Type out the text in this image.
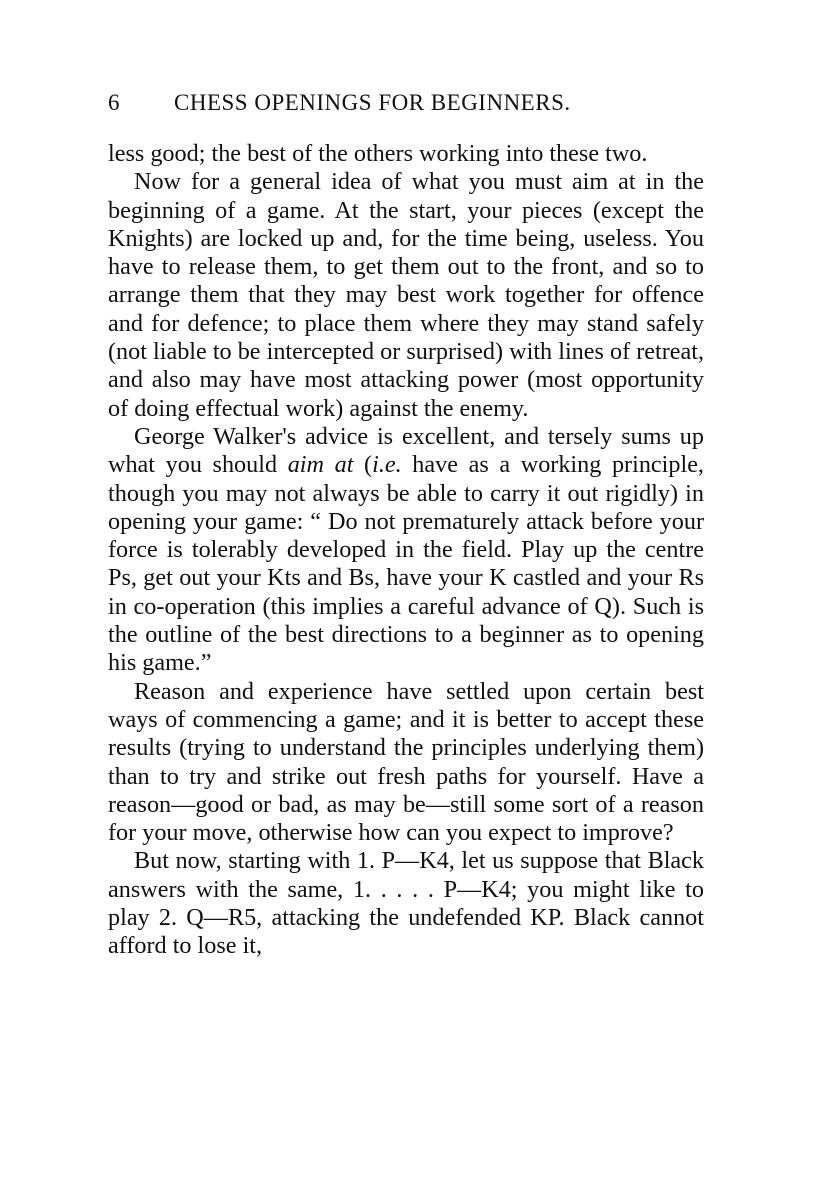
6 CHESS OPENINGS FOR BEGINNERS.

less good; the best of the others working into these two.

Now for a general idea of what you must aim at in the beginning of a game. At the start, your pieces (except the Knights) are locked up and, for the time being, useless. You have to release them, to get them out to the front, and so to arrange them that they may best work together for offence and for defence; to place them where they may stand safely (not liable to be intercepted or surprised) with lines of retreat, and also may have most attacking power (most opportunity of doing effectual work) against the enemy.

George Walker's advice is excellent, and tersely sums up what you should aim at (i.e. have as a working principle, though you may not always be able to carry it out rigidly) in opening your game: “ Do not prematurely attack before your force is tolerably developed in the field. Play up the centre Ps, get out your Kts and Bs, have your K castled and your Rs in co-operation (this implies a careful advance of Q). Such is the outline of the best directions to a beginner as to opening his game.”

Reason and experience have settled upon certain best ways of commencing a game; and it is better to accept these results (trying to understand the principles underlying them) than to try and strike out fresh paths for yourself. Have a reason—good or bad, as may be—still some sort of a reason for your move, otherwise how can you expect to improve?

But now, starting with 1. P—K4, let us suppose that Black answers with the same, 1. . . . . P—K4; you might like to play 2. Q—R5, attacking the undefended KP. Black cannot afford to lose it,
